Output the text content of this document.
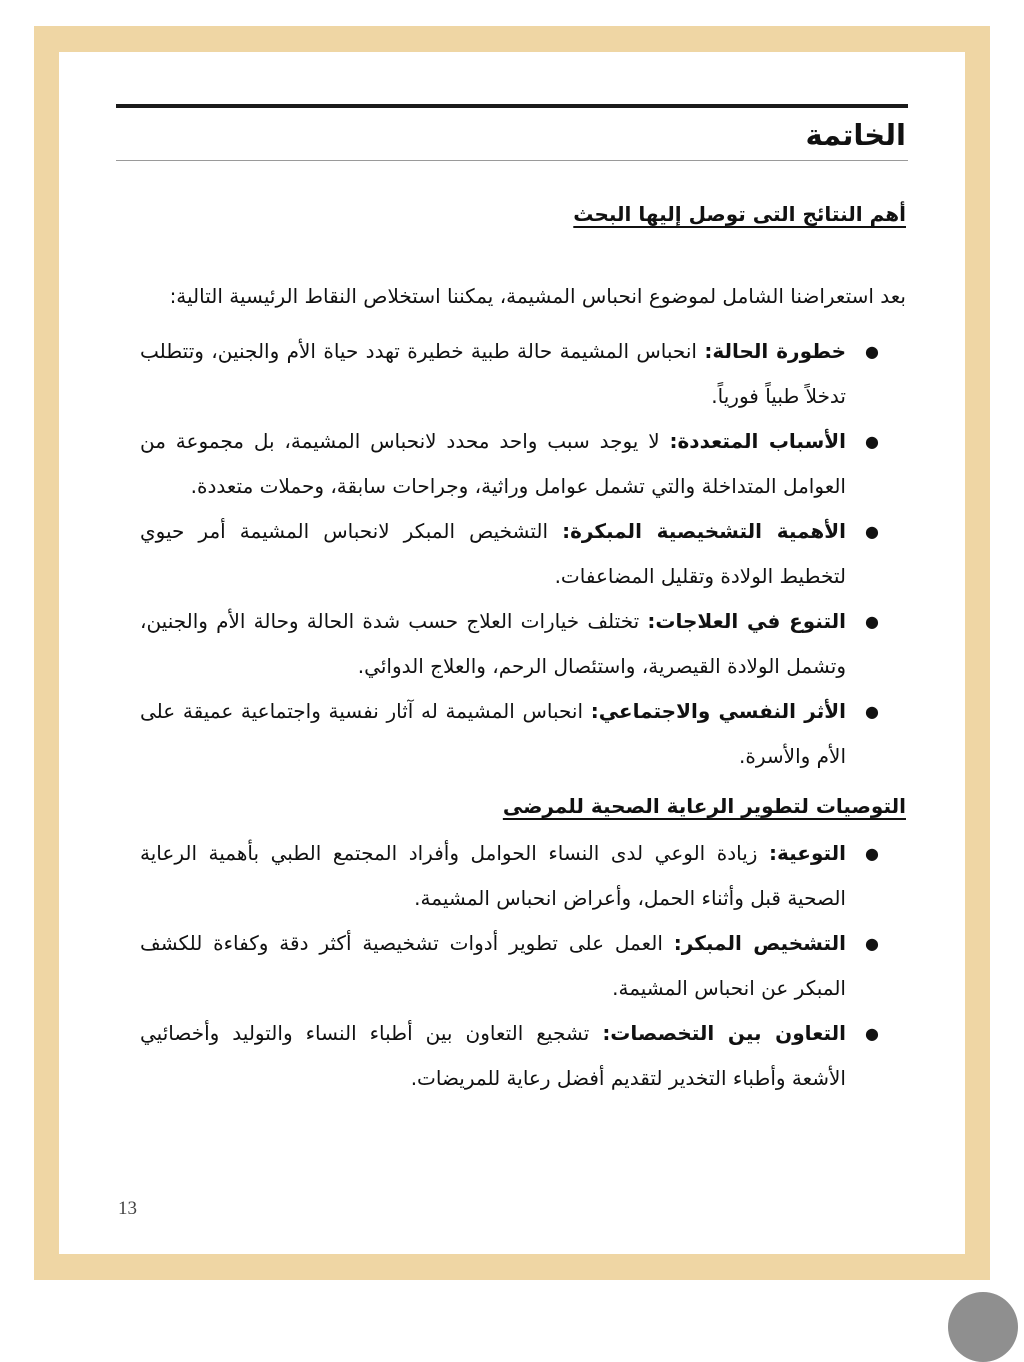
الخاتمة
أهم النتائج التى توصل إليها البحث
بعد استعراضنا الشامل لموضوع انحباس المشيمة، يمكننا استخلاص النقاط الرئيسية التالية:
●
خطورة الحالة: انحباس المشيمة حالة طبية خطيرة تهدد حياة الأم والجنين، وتتطلب تدخلاً طبياً فورياً.
●
الأسباب المتعددة: لا يوجد سبب واحد محدد لانحباس المشيمة، بل مجموعة من العوامل المتداخلة والتي تشمل عوامل وراثية، وجراحات سابقة، وحملات متعددة.
●
الأهمية التشخيصية المبكرة: التشخيص المبكر لانحباس المشيمة أمر حيوي لتخطيط الولادة وتقليل المضاعفات.
●
التنوع في العلاجات: تختلف خيارات العلاج حسب شدة الحالة وحالة الأم والجنين، وتشمل الولادة القيصرية، واستئصال الرحم، والعلاج الدوائي.
●
الأثر النفسي والاجتماعي: انحباس المشيمة له آثار نفسية واجتماعية عميقة على الأم والأسرة.
التوصيات لتطوير الرعاية الصحية للمرضى
●
التوعية: زيادة الوعي لدى النساء الحوامل وأفراد المجتمع الطبي بأهمية الرعاية الصحية قبل وأثناء الحمل، وأعراض انحباس المشيمة.
●
التشخيص المبكر: العمل على تطوير أدوات تشخيصية أكثر دقة وكفاءة للكشف المبكر عن انحباس المشيمة.
●
التعاون بين التخصصات: تشجيع التعاون بين أطباء النساء والتوليد وأخصائيي الأشعة وأطباء التخدير لتقديم أفضل رعاية للمريضات.
13
